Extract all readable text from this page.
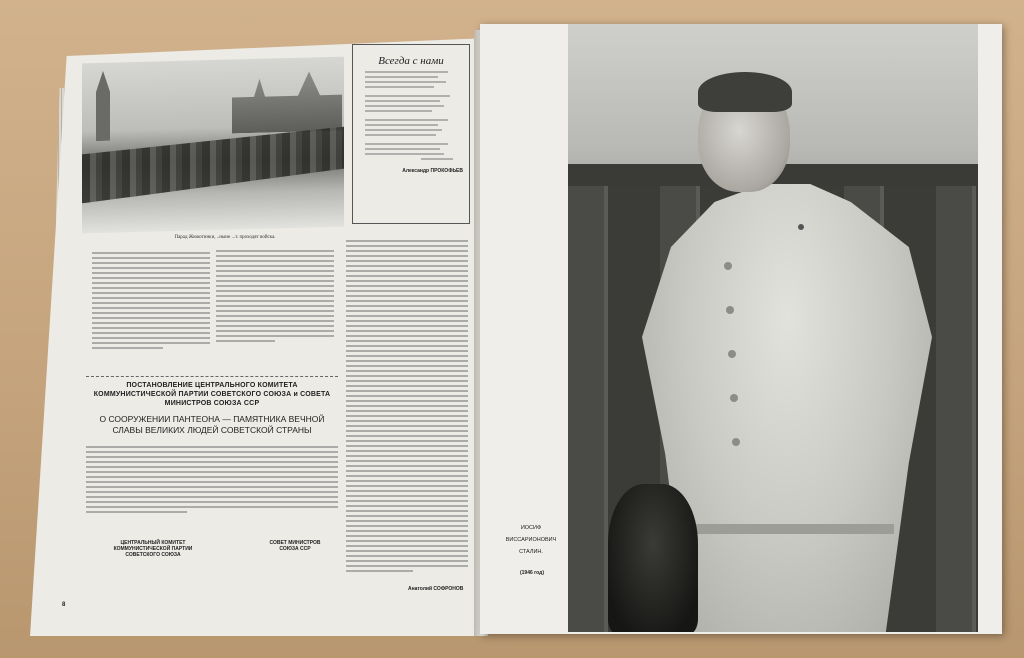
Парад Жюкотинки, ..ныне ...т. проходят войска.
Всегда с нами
Александр ПРОКОФЬЕВ
ПОСТАНОВЛЕНИЕ ЦЕНТРАЛЬНОГО КОМИТЕТА КОММУНИСТИЧЕСКОЙ ПАРТИИ СОВЕТСКОГО СОЮЗА и СОВЕТА МИНИСТРОВ СОЮЗА ССР
О СООРУЖЕНИИ ПАНТЕОНА — ПАМЯТНИКА ВЕЧНОЙ СЛАВЫ ВЕЛИКИХ ЛЮДЕЙ СОВЕТСКОЙ СТРАНЫ
ЦЕНТРАЛЬНЫЙ КОМИТЕТ КОММУНИСТИЧЕСКОЙ ПАРТИИ СОВЕТСКОГО СОЮЗА
СОВЕТ МИНИСТРОВ СОЮЗА ССР
8
Анатолий СОФРОНОВ
ИОСИФ
ВИССАРИОНОВИЧ
СТАЛИН.
(1946 год)
